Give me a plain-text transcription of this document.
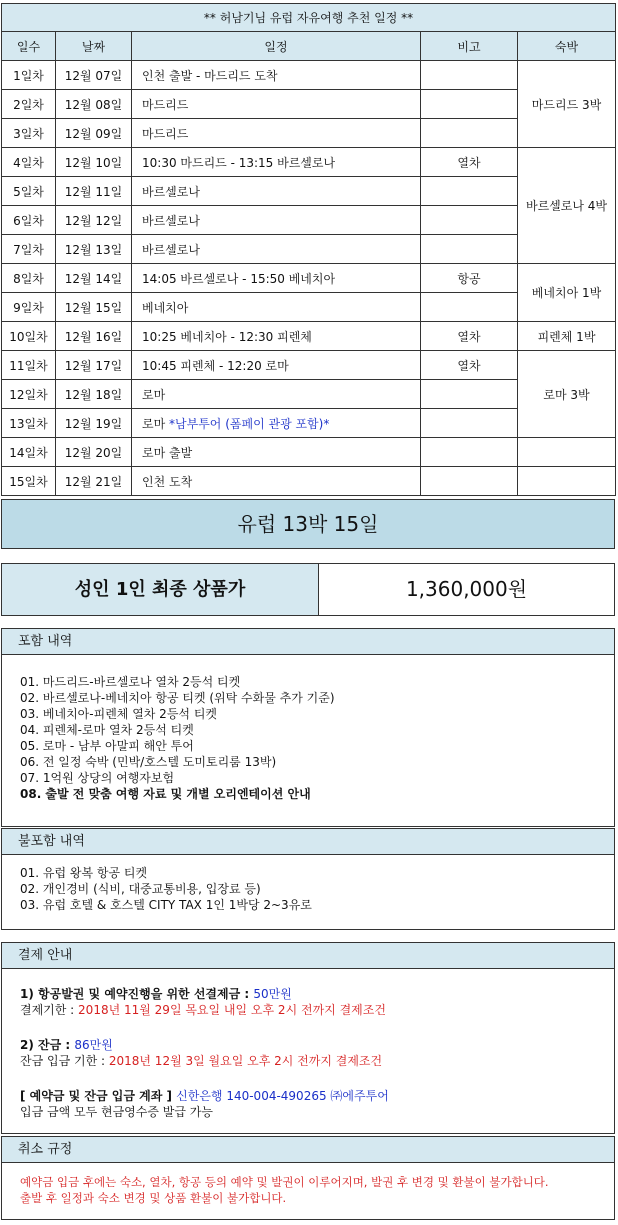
** 허남기님 유럽 자유여행 추천 일정 **				
일수	날짜	일정	비고	숙박
1일차	12월 07일	인천 출발 - 마드리드 도착		마드리드 3박
2일차	12월 08일	마드리드		
3일차	12월 09일	마드리드		
4일차	12월 10일	10:30 마드리드 - 13:15 바르셀로나	열차	바르셀로나 4박
5일차	12월 11일	바르셀로나		
6일차	12월 12일	바르셀로나		
7일차	12월 13일	바르셀로나		
8일차	12월 14일	14:05 바르셀로나 - 15:50 베네치아	항공	베네치아 1박
9일차	12월 15일	베네치아		
10일차	12월 16일	10:25 베네치아 - 12:30 피렌체	열차	피렌체 1박
11일차	12월 17일	10:45 피렌체 - 12:20 로마	열차	로마 3박
12일차	12월 18일	로마		
13일차	12월 19일	로마 *남부투어 (폼페이 관광 포함)*		
14일차	12월 20일	로마 출발		
15일차	12월 21일	인천 도착		
유럽 13박 15일
성인 1인 최종 상품가	1,360,000원
포함 내역
01. 마드리드-바르셀로나 열차 2등석 티켓
02. 바르셀로나-베네치아 항공 티켓 (위탁 수화물 추가 기준)
03. 베네치아-피렌체 열차 2등석 티켓
04. 피렌체-로마 열차 2등석 티켓
05. 로마 - 남부 아말피 해안 투어
06. 전 일정 숙박 (민박/호스텔 도미토리룸 13박)
07. 1억원 상당의 여행자보험
08. 출발 전 맞춤 여행 자료 및 개별 오리엔테이션 안내
불포함 내역
01. 유럽 왕복 항공 티켓
02. 개인경비 (식비, 대중교통비용, 입장료 등)
03. 유럽 호텔 & 호스텔 CITY TAX 1인 1박당 2~3유로
결제 안내
1) 항공발권 및 예약진행을 위한 선결제금 : 50만원
결제기한 : 2018년 11월 29일 목요일 내일 오후 2시 전까지 결제조건
2) 잔금 : 86만원
잔금 입금 기한 : 2018년 12월 3일 월요일 오후 2시 전까지 결제조건
[ 예약금 및 잔금 입금 계좌 ] 신한은행 140-004-490265 ㈜에주투어
입금 금액 모두 현금영수증 발급 가능
취소 규정
예약금 입금 후에는 숙소, 열차, 항공 등의 예약 및 발권이 이루어지며, 발권 후 변경 및 환불이 불가합니다.
출발 후 일정과 숙소 변경 및 상품 환불이 불가합니다.
